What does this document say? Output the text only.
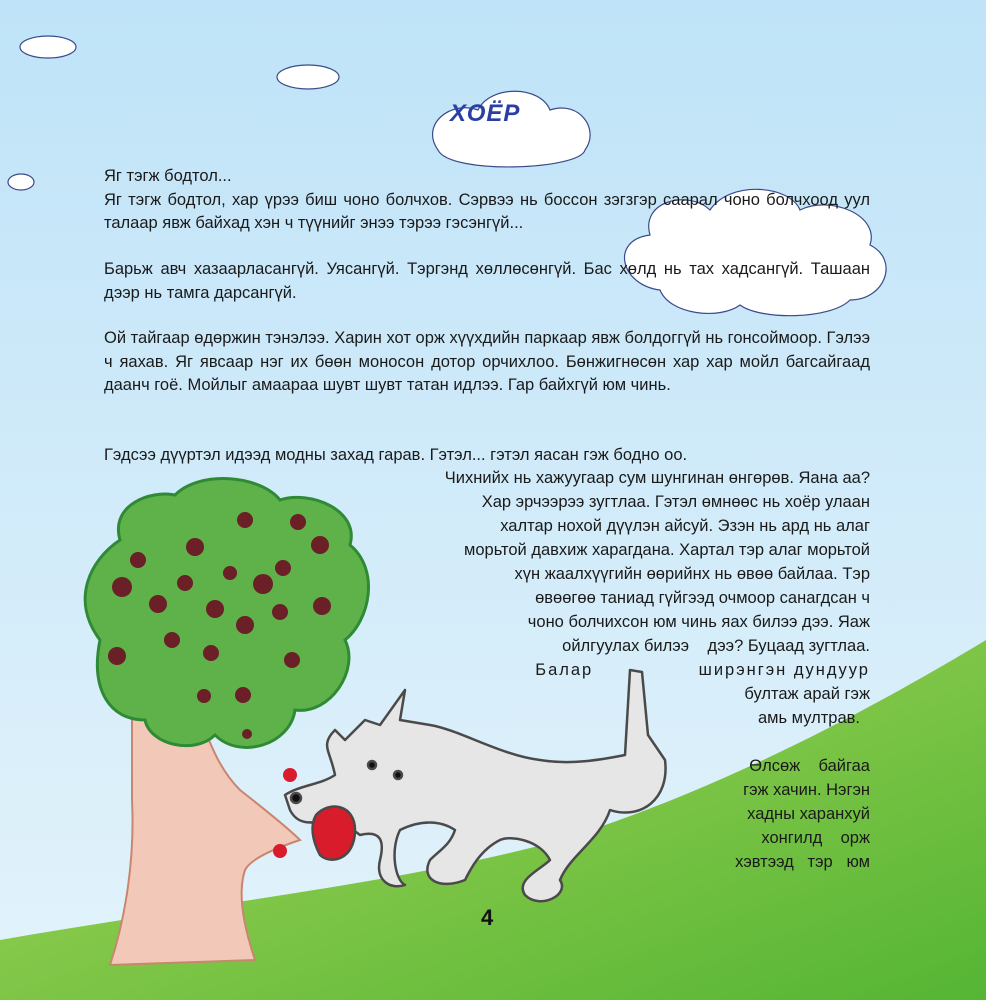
ХОЁР
Яг тэгж бодтол...
Яг тэгж бодтол, хар үрээ биш чоно болчхов. Сэрвээ нь боссон зэгзгэр саарал чоно болчхоод уул талаар явж байхад хэн ч түүнийг энээ тэрээ гэсэнгүй...
Барьж авч хазаарласангүй. Уясангүй. Тэргэнд хөллөсөнгүй. Бас хөлд нь тах хадсангүй. Ташаан дээр нь тамга дарсангүй.
Ой тайгаар өдөржин тэнэлээ. Харин хот орж хүүхдийн паркаар явж болдоггүй нь гонсоймоор. Гэлээ ч яахав. Яг явсаар нэг их бөөн моносон дотор орчихлоо. Бөнжигнөсөн хар хар мойл багсайгаад даанч гоё. Мойлыг амаараа шувт шувт татан идлээ. Гар байхгүй юм чинь.
Гэдсээ дүүртэл идээд модны захад гарав. Гэтэл... гэтэл яасан гэж бодно оо.
Чихнийх нь хажуугаар сум шунгинан өнгөрөв. Яана аа?
Хар эрчээрээ зугтлаа. Гэтэл өмнөөс нь хоёр улаан
халтар нохой дүүлэн айсуй. Эзэн нь ард нь алаг
морьтой давхиж харагдана. Хартал тэр алаг морьтой
хүн жаалхүүгийн өөрийнх нь өвөө байлаа. Тэр
өвөөгөө таниад гүйгээд очмоор санагдсан ч
чоно болчихсон юм чинь яах билээ дээ. Яаж
ойлгуулах билээ    дээ? Буцаад зугтлаа.
Балар                ширэнгэн дундуур
бултаж арай гэж
амь мултрав.
Өлсөж    байгаа
гэж хачин. Нэгэн
хадны харанхуй
хонгилд    орж
хэвтээд   тэр   юм
4
